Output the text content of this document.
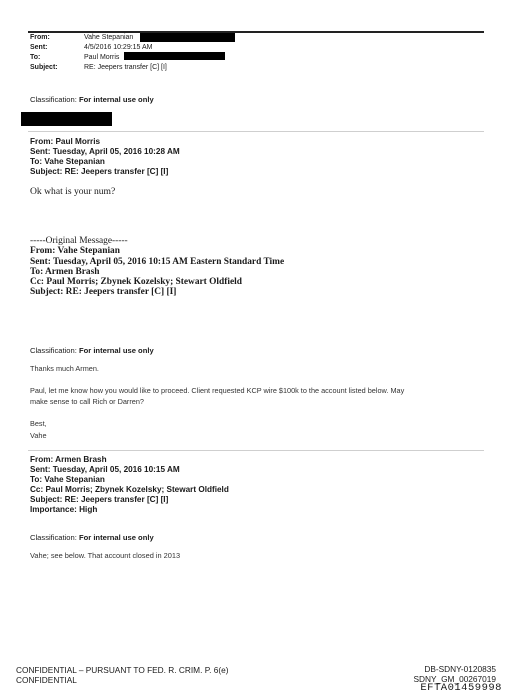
From:	Vahe Stepanian
Sent:	4/5/2016 10:29:15 AM
To:	Paul Morris
Subject:	RE: Jeepers transfer [C] [I]
Classification: For internal use only
From: Paul Morris
Sent: Tuesday, April 05, 2016 10:28 AM
To: Vahe Stepanian
Subject: RE: Jeepers transfer [C] [I]
Ok what is your num?
-----Original Message-----
From: Vahe Stepanian
Sent: Tuesday, April 05, 2016 10:15 AM Eastern Standard Time
To: Armen Brash
Cc: Paul Morris; Zbynek Kozelsky; Stewart Oldfield
Subject: RE: Jeepers transfer [C] [I]
Classification: For internal use only
Thanks much Armen.
Paul, let me know how you would like to proceed. Client requested KCP wire $100k to the account listed below. May
make sense to call Rich or Darren?
Best,
Vahe
From: Armen Brash
Sent: Tuesday, April 05, 2016 10:15 AM
To: Vahe Stepanian
Cc: Paul Morris; Zbynek Kozelsky; Stewart Oldfield
Subject: RE: Jeepers transfer [C] [I]
Importance: High
Classification: For internal use only
Vahe; see below. That account closed in 2013
CONFIDENTIAL – PURSUANT TO FED. R. CRIM. P. 6(e)
CONFIDENTIAL
DB-SDNY-0120835
SDNY_GM_00267019
EFTA01459998
